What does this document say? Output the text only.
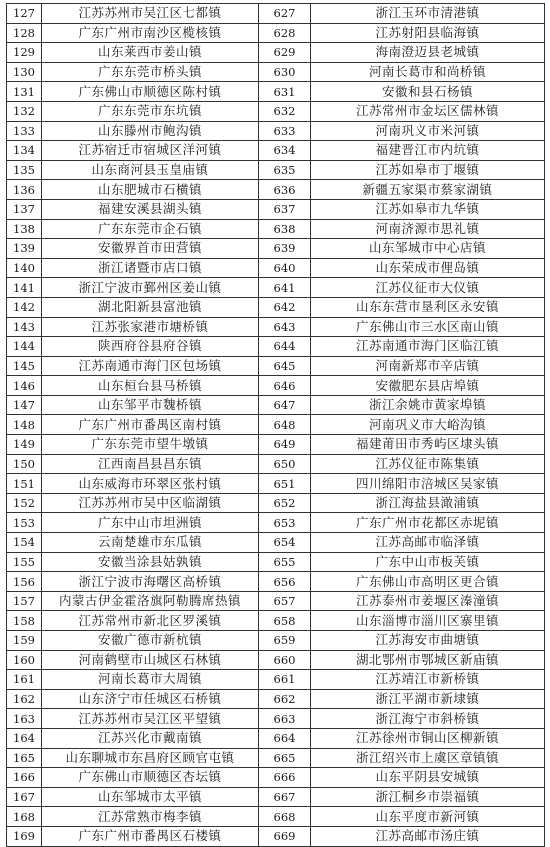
127	江苏苏州市吴江区七都镇	627	浙江玉环市清港镇
128	广东广州市南沙区榄核镇	628	江苏射阳县临海镇
129	山东莱西市姜山镇	629	海南澄迈县老城镇
130	广东东莞市桥头镇	630	河南长葛市和尚桥镇
131	广东佛山市顺德区陈村镇	631	安徽和县石杨镇
132	广东东莞市东坑镇	632	江苏常州市金坛区儒林镇
133	山东滕州市鲍沟镇	633	河南巩义市米河镇
134	江苏宿迁市宿城区洋河镇	634	福建晋江市内坑镇
135	山东商河县玉皇庙镇	635	江苏如皋市丁堰镇
136	山东肥城市石横镇	636	新疆五家渠市蔡家湖镇
137	福建安溪县湖头镇	637	江苏如皋市九华镇
138	广东东莞市企石镇	638	河南济源市思礼镇
139	安徽界首市田营镇	639	山东邹城市中心店镇
140	浙江诸暨市店口镇	640	山东荣成市俚岛镇
141	浙江宁波市鄞州区姜山镇	641	江苏仪征市大仪镇
142	湖北阳新县富池镇	642	山东东营市垦利区永安镇
143	江苏张家港市塘桥镇	643	广东佛山市三水区南山镇
144	陕西府谷县府谷镇	644	江苏南通市海门区临江镇
145	江苏南通市海门区包场镇	645	河南新郑市辛店镇
146	山东桓台县马桥镇	646	安徽肥东县店埠镇
147	山东邹平市魏桥镇	647	浙江余姚市黄家埠镇
148	广东广州市番禺区南村镇	648	河南巩义市大峪沟镇
149	广东东莞市望牛墩镇	649	福建莆田市秀屿区埭头镇
150	江西南昌县昌东镇	650	江苏仪征市陈集镇
151	山东威海市环翠区张村镇	651	四川绵阳市涪城区吴家镇
152	江苏苏州市吴中区临湖镇	652	浙江海盐县澉浦镇
153	广东中山市坦洲镇	653	广东广州市花都区赤坭镇
154	云南楚雄市东瓜镇	654	江苏高邮市临泽镇
155	安徽当涂县姑孰镇	655	广东中山市板芙镇
156	浙江宁波市海曙区高桥镇	656	广东佛山市高明区更合镇
157	内蒙古伊金霍洛旗阿勒腾席热镇	657	江苏泰州市姜堰区溱潼镇
158	江苏常州市新北区罗溪镇	658	山东淄博市淄川区寨里镇
159	安徽广德市新杭镇	659	江苏海安市曲塘镇
160	河南鹤壁市山城区石林镇	660	湖北鄂州市鄂城区新庙镇
161	河南长葛市大周镇	661	江苏靖江市新桥镇
162	山东济宁市任城区石桥镇	662	浙江平湖市新埭镇
163	江苏苏州市吴江区平望镇	663	浙江海宁市斜桥镇
164	江苏兴化市戴南镇	664	江苏徐州市铜山区柳新镇
165	山东聊城市东昌府区顾官屯镇	665	浙江绍兴市上虞区章镇镇
166	广东佛山市顺德区杏坛镇	666	山东平阴县安城镇
167	山东邹城市太平镇	667	浙江桐乡市崇福镇
168	江苏常熟市梅李镇	668	山东平度市新河镇
169	广东广州市番禺区石楼镇	669	江苏高邮市汤庄镇
